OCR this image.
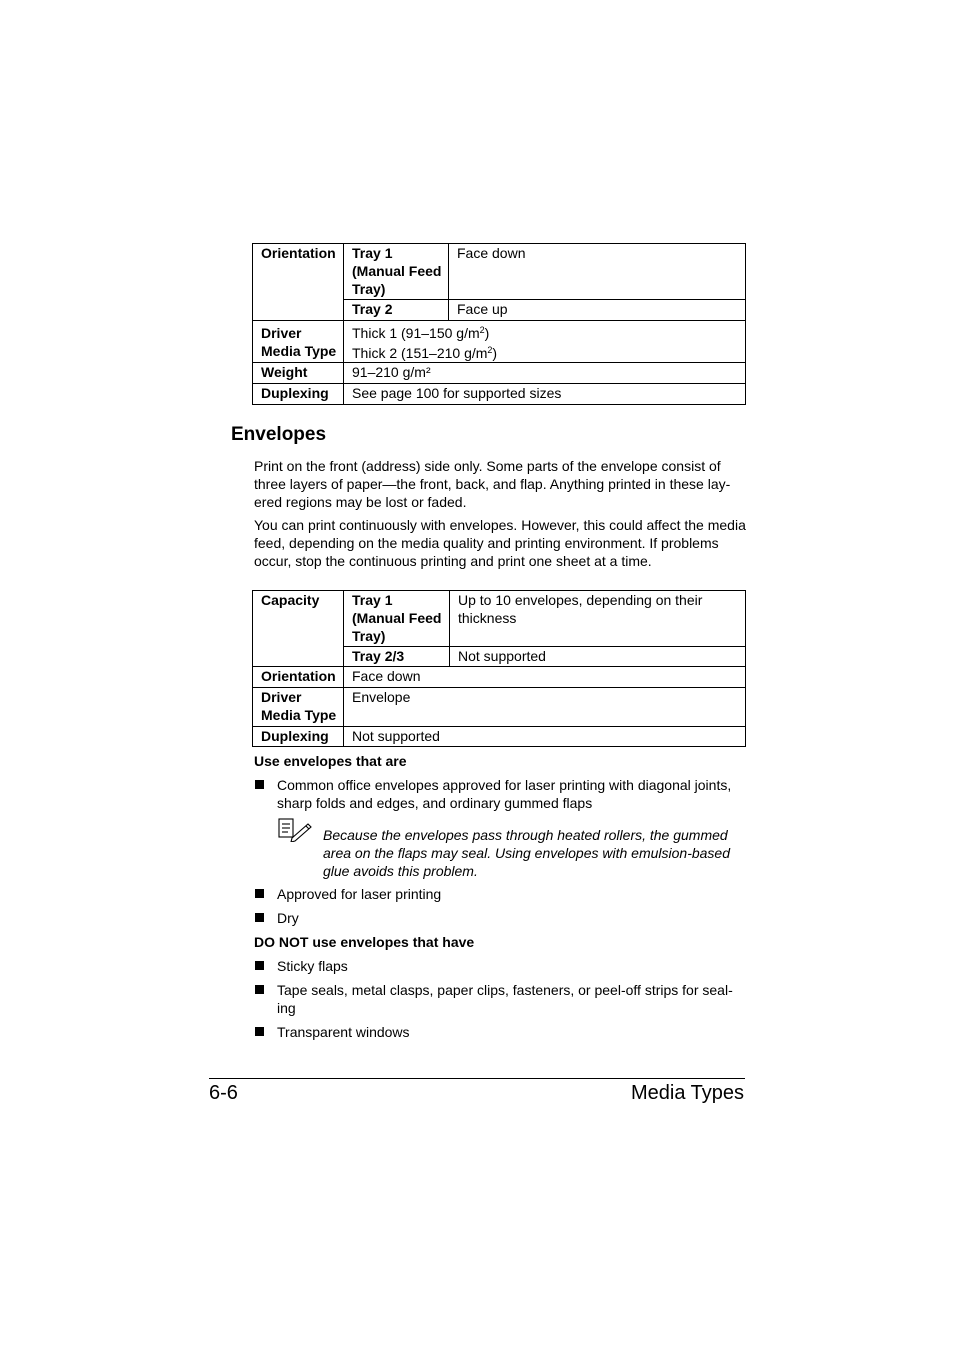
Orientation	Tray 1 (Manual Feed Tray)	Face down
	Tray 2	Face up
Driver Media Type	Thick 1 (91–150 $g/m^2$)
Thick 2 (151–210 $g/m^2$)	

Weight	91–210 g/m²	
Duplexing	See page 100 for supported sizes	
Envelopes
Print on the front (address) side only. Some parts of the envelope consist of three layers of paper—the front, back, and flap. Anything printed in these lay-ered regions may be lost or faded.
You can print continuously with envelopes. However, this could affect the media feed, depending on the media quality and printing environment. If problems occur, stop the continuous printing and print one sheet at a time.
Capacity	Tray 1 (Manual Feed Tray)	Up to 10 envelopes, depending on their thickness
	Tray 2/3	Not supported
Orientation	Face down	
Driver Media Type	Envelope	
Duplexing	Not supported	
Use envelopes that are
Common office envelopes approved for laser printing with diagonal joints, sharp folds and edges, and ordinary gummed flaps
Because the envelopes pass through heated rollers, the gummed area on the flaps may seal. Using envelopes with emulsion-based glue avoids this problem.
Approved for laser printing
Dry
DO NOT use envelopes that have
Sticky flaps
Tape seals, metal clasps, paper clips, fasteners, or peel-off strips for seal-ing
Transparent windows
6-6	Media Types
